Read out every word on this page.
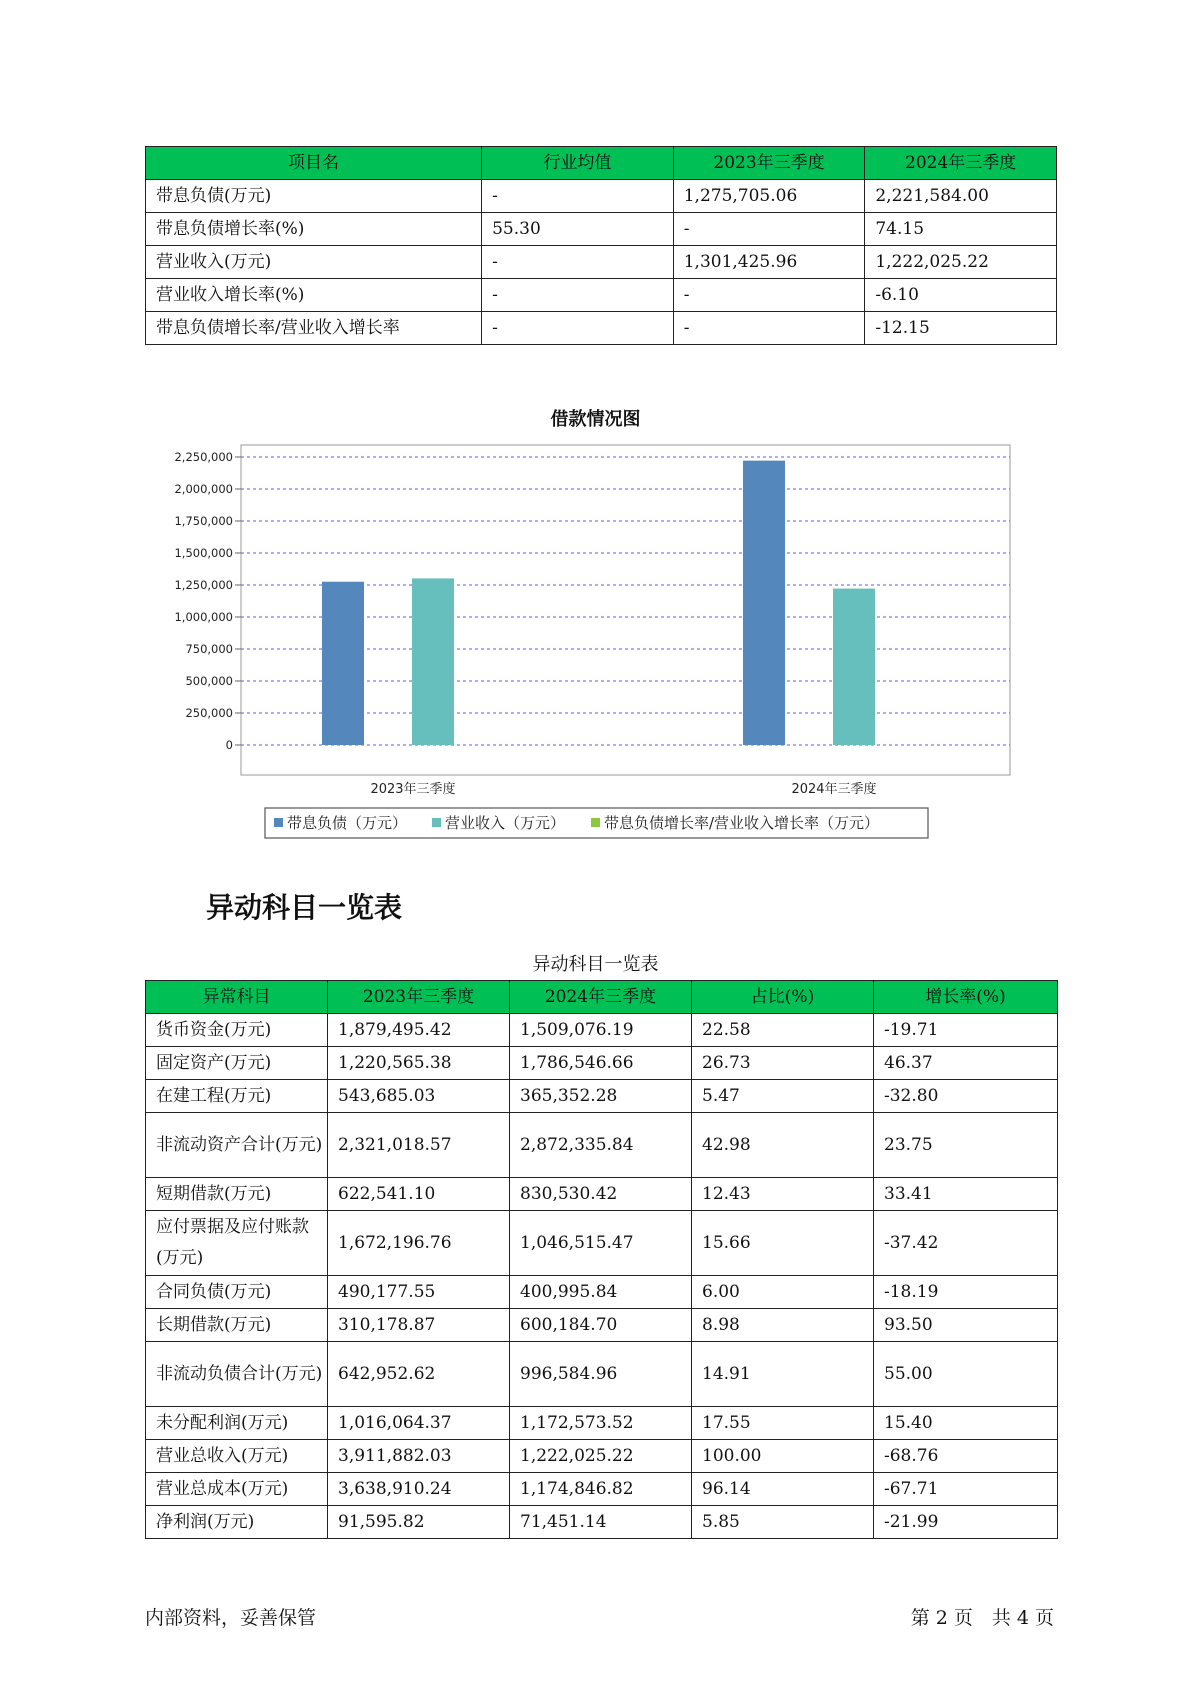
项目名	行业均值	2023年三季度	2024年三季度
带息负债(万元)	-	1,275,705.06	2,221,584.00
带息负债增长率(%)	55.30	-	74.15
营业收入(万元)	-	1,301,425.96	1,222,025.22
营业收入增长率(%)	-	-	-6.10
带息负债增长率/营业收入增长率	-	-	-12.15
借款情况图
0
250,000
500,000
750,000
1,000,000
1,250,000
1,500,000
1,750,000
2,000,000
2,250,000
2023年三季度	2024年三季度
带息负债（万元）	营业收入（万元）	带息负债增长率/营业收入增长率（万元）
异动科目一览表
异动科目一览表
异常科目	2023年三季度	2024年三季度	占比(%)	增长率(%)
货币资金(万元)	1,879,495.42	1,509,076.19	22.58	-19.71
固定资产(万元)	1,220,565.38	1,786,546.66	26.73	46.37
在建工程(万元)	543,685.03	365,352.28	5.47	-32.80
非流动资产合计(万元)	2,321,018.57	2,872,335.84	42.98	23.75
短期借款(万元)	622,541.10	830,530.42	12.43	33.41
应付票据及应付账款(万元)	1,672,196.76	1,046,515.47	15.66	-37.42
合同负债(万元)	490,177.55	400,995.84	6.00	-18.19
长期借款(万元)	310,178.87	600,184.70	8.98	93.50
非流动负债合计(万元)	642,952.62	996,584.96	14.91	55.00
未分配利润(万元)	1,016,064.37	1,172,573.52	17.55	15.40
营业总收入(万元)	3,911,882.03	1,222,025.22	100.00	-68.76
营业总成本(万元)	3,638,910.24	1,174,846.82	96.14	-67.71
净利润(万元)	91,595.82	71,451.14	5.85	-21.99
内部资料，妥善保管	第 2 页　共 4 页
